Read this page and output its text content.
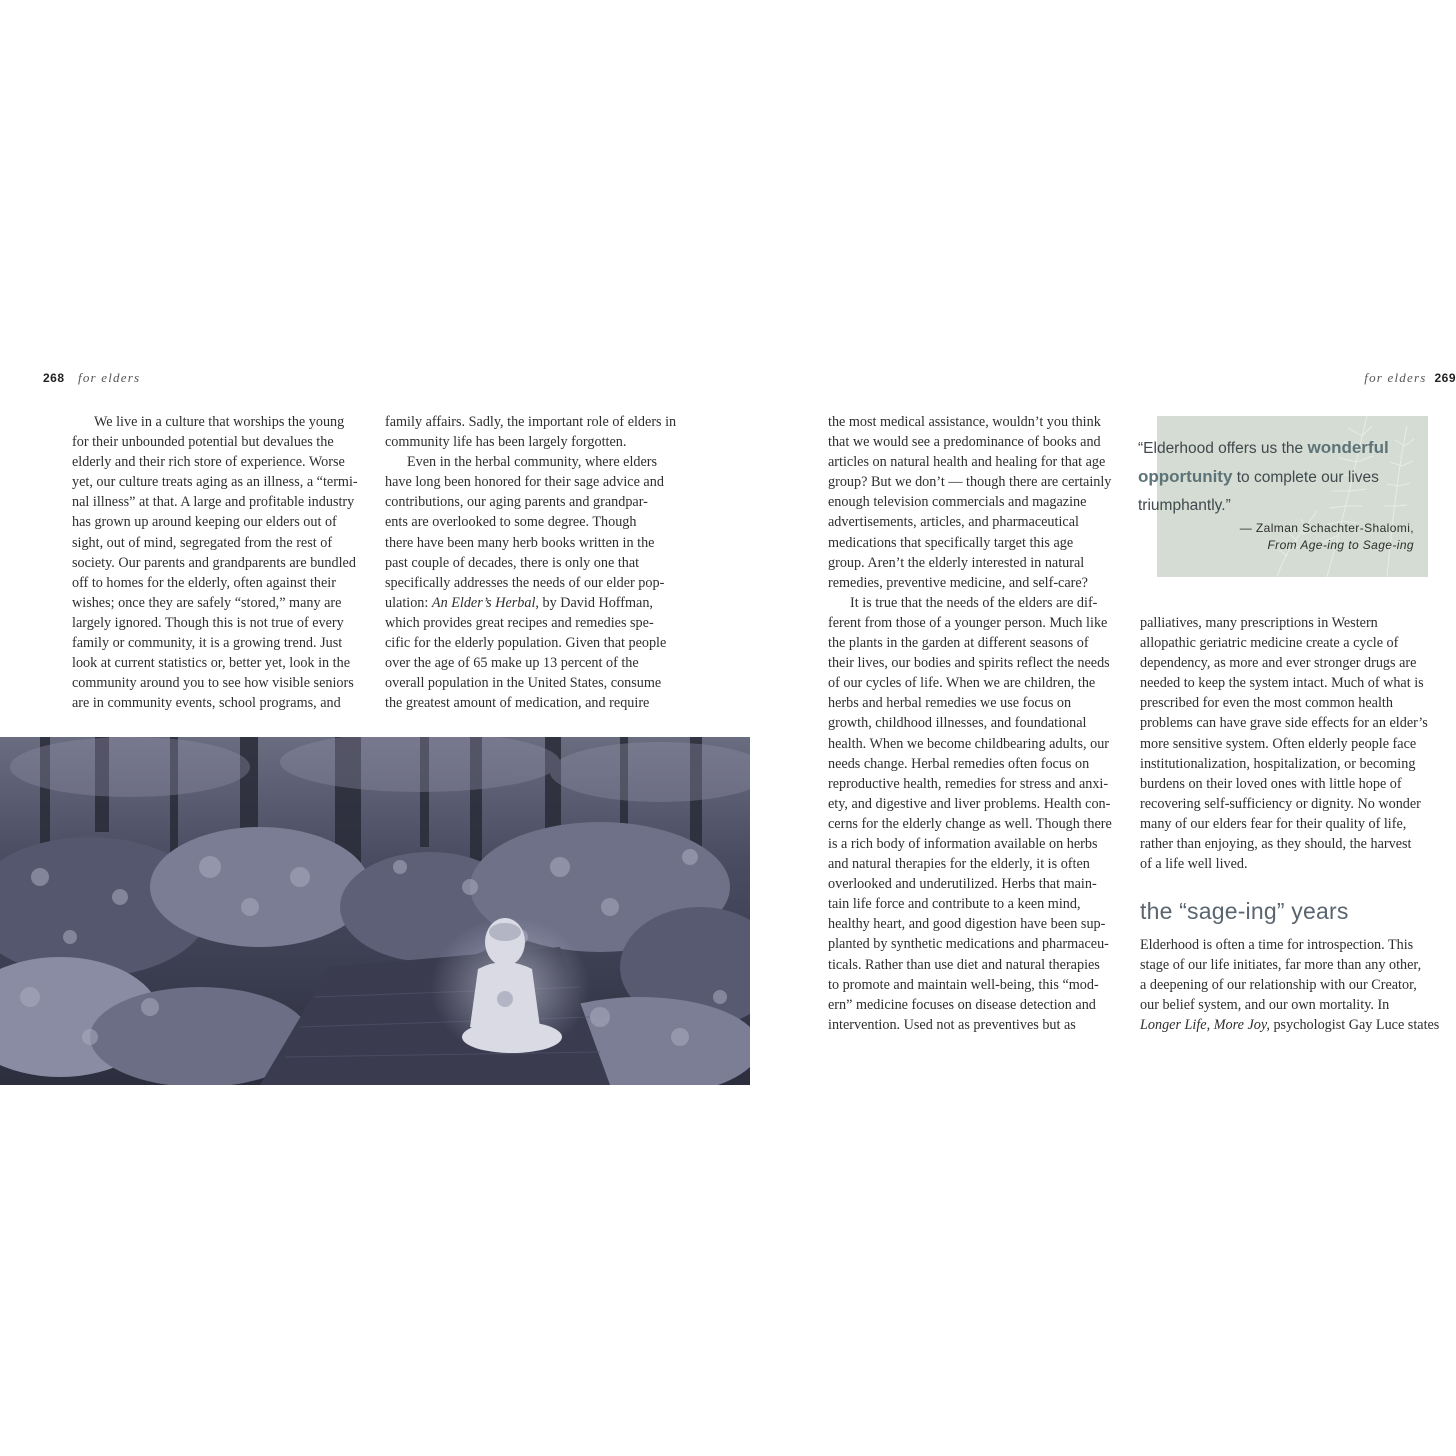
268 for elders	for elders 269
We live in a culture that worships the young
for their unbounded potential but devalues the
elderly and their rich store of experience. Worse
yet, our culture treats aging as an illness, a “termi-
nal illness” at that. A large and profitable industry
has grown up around keeping our elders out of
sight, out of mind, segregated from the rest of
society. Our parents and grandparents are bundled
off to homes for the elderly, often against their
wishes; once they are safely “stored,” many are
largely ignored. Though this is not true of every
family or community, it is a growing trend. Just
look at current statistics or, better yet, look in the
community around you to see how visible seniors
are in community events, school programs, and
family affairs. Sadly, the important role of elders in
community life has been largely forgotten.
Even in the herbal community, where elders
have long been honored for their sage advice and
contributions, our aging parents and grandpar-
ents are overlooked to some degree. Though
there have been many herb books written in the
past couple of decades, there is only one that
specifically addresses the needs of our elder pop-
ulation: An Elder’s Herbal, by David Hoffman,
which provides great recipes and remedies spe-
cific for the elderly population. Given that people
over the age of 65 make up 13 percent of the
overall population in the United States, consume
the greatest amount of medication, and require
the most medical assistance, wouldn’t you think
that we would see a predominance of books and
articles on natural health and healing for that age
group? But we don’t — though there are certainly
enough television commercials and magazine
advertisements, articles, and pharmaceutical
medications that specifically target this age
group. Aren’t the elderly interested in natural
remedies, preventive medicine, and self-care?
It is true that the needs of the elders are dif-
ferent from those of a younger person. Much like
the plants in the garden at different seasons of
their lives, our bodies and spirits reflect the needs
of our cycles of life. When we are children, the
herbs and herbal remedies we use focus on
growth, childhood illnesses, and foundational
health. When we become childbearing adults, our
needs change. Herbal remedies often focus on
reproductive health, remedies for stress and anxi-
ety, and digestive and liver problems. Health con-
cerns for the elderly change as well. Though there
is a rich body of information available on herbs
and natural therapies for the elderly, it is often
overlooked and underutilized. Herbs that main-
tain life force and contribute to a keen mind,
healthy heart, and good digestion have been sup-
planted by synthetic medications and pharmaceu-
ticals. Rather than use diet and natural therapies
to promote and maintain well-being, this “mod-
ern” medicine focuses on disease detection and
intervention. Used not as preventives but as
“Elderhood offers us the wonderful
opportunity to complete our lives
triumphantly.”
— Zalman Schachter-Shalomi,
From Age-ing to Sage-ing
palliatives, many prescriptions in Western
allopathic geriatric medicine create a cycle of
dependency, as more and ever stronger drugs are
needed to keep the system intact. Much of what is
prescribed for even the most common health
problems can have grave side effects for an elder’s
more sensitive system. Often elderly people face
institutionalization, hospitalization, or becoming
burdens on their loved ones with little hope of
recovering self-sufficiency or dignity. No wonder
many of our elders fear for their quality of life,
rather than enjoying, as they should, the harvest
of a life well lived.
the “sage-ing” years
Elderhood is often a time for introspection. This
stage of our life initiates, far more than any other,
a deepening of our relationship with our Creator,
our belief system, and our own mortality. In
Longer Life, More Joy, psychologist Gay Luce states
